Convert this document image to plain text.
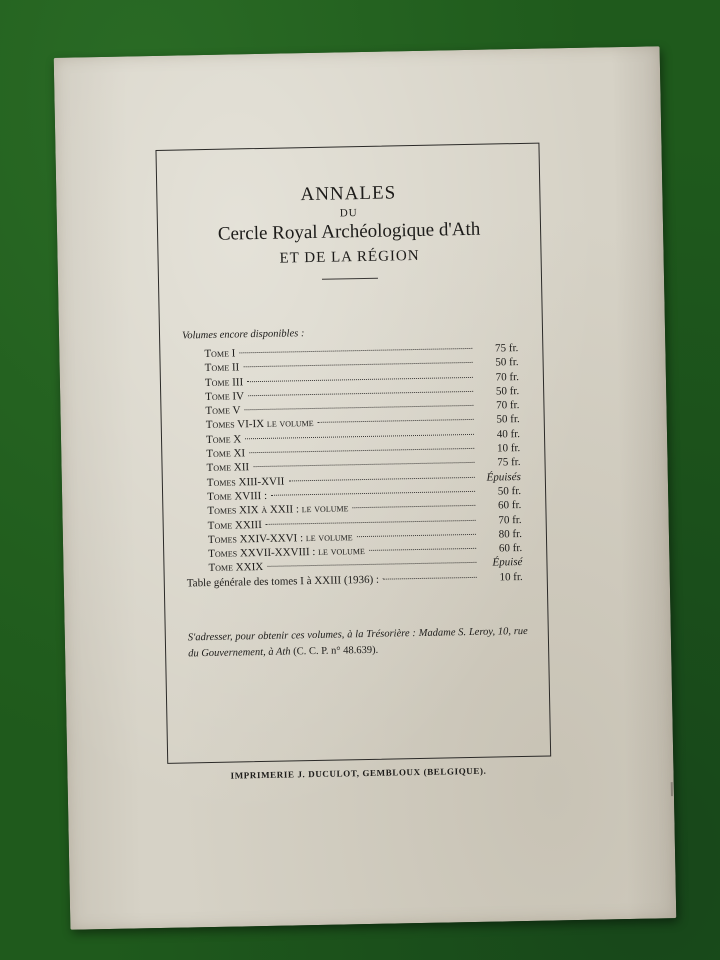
ANNALES
DU
Cercle Royal Archéologique d'Ath
ET DE LA RÉGION
Volumes encore disponibles :
Tome I	75 fr.
Tome II	50 fr.
Tome III	70 fr.
Tome IV	50 fr.
Tome V	70 fr.
Tomes VI-IX le volume	50 fr.
Tome X	40 fr.
Tome XI	10 fr.
Tome XII	75 fr.
Tomes XIII-XVII	Épuisés
Tome XVIII :	50 fr.
Tomes XIX à XXII : le volume	60 fr.
Tome XXIII	70 fr.
Tomes XXIV-XXVI : le volume	80 fr.
Tomes XXVII-XXVIII : le volume	60 fr.
Tome XXIX	Épuisé
Table générale des tomes I à XXIII (1936) :	10 fr.
S'adresser, pour obtenir ces volumes, à la Trésorière : Madame S. Leroy, 10, rue du Gouvernement, à Ath (C. C. P. n° 48.639).
IMPRIMERIE J. DUCULOT, GEMBLOUX (BELGIQUE).
